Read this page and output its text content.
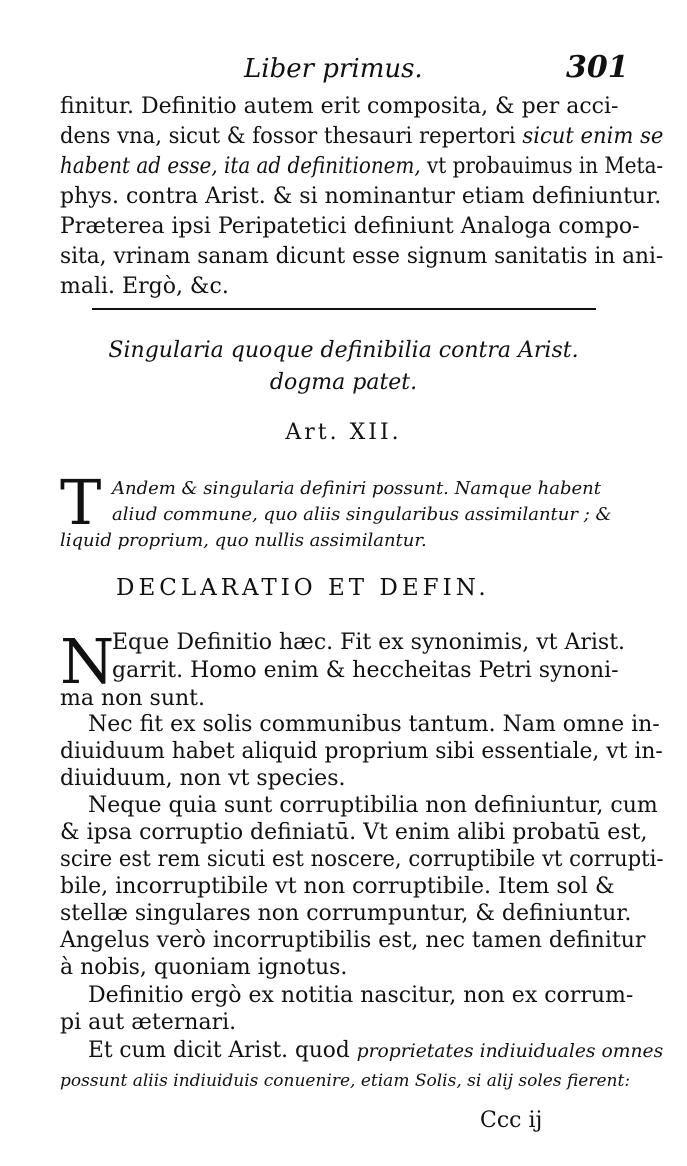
Liber primus.	301
finitur. Definitio autem erit composita, & per acci-
dens vna, sicut & fossor thesauri repertori sicut enim se
habent ad esse, ita ad definitionem, vt probauimus in Meta-
phys. contra Arist. & si nominantur etiam definiuntur.
Præterea ipsi Peripatetici definiunt Analoga compo-
sita, vrinam sanam dicunt esse signum sanitatis in ani-
mali. Ergò, &c.
Singularia quoque definibilia contra Arist.
dogma patet.
Art. XII.
T Andem & singularia definiri possunt. Namque habent
aliud commune, quo aliis singularibus assimilantur ; &
liquid proprium, quo nullis assimilantur.
DECLARATIO ET DEFIN.
N
Eque Definitio hæc. Fit ex synonimis, vt Arist.
garrit. Homo enim & heccheitas Petri synoni-
ma non sunt.
Nec fit ex solis communibus tantum. Nam omne in-
diuiduum habet aliquid proprium sibi essentiale, vt in-
diuiduum, non vt species.
Neque quia sunt corruptibilia non definiuntur, cum
& ipsa corruptio definiatū. Vt enim alibi probatū est,
scire est rem sicuti est noscere, corruptibile vt corrupti-
bile, incorruptibile vt non corruptibile. Item sol &
stellæ singulares non corrumpuntur, & definiuntur.
Angelus verò incorruptibilis est, nec tamen definitur
à nobis, quoniam ignotus.
Definitio ergò ex notitia nascitur, non ex corrum-
pi aut æternari.
Et cum dicit Arist. quod proprietates indiuiduales omnes
possunt aliis indiuiduis conuenire, etiam Solis, si alij soles fierent:
Ccc ij
